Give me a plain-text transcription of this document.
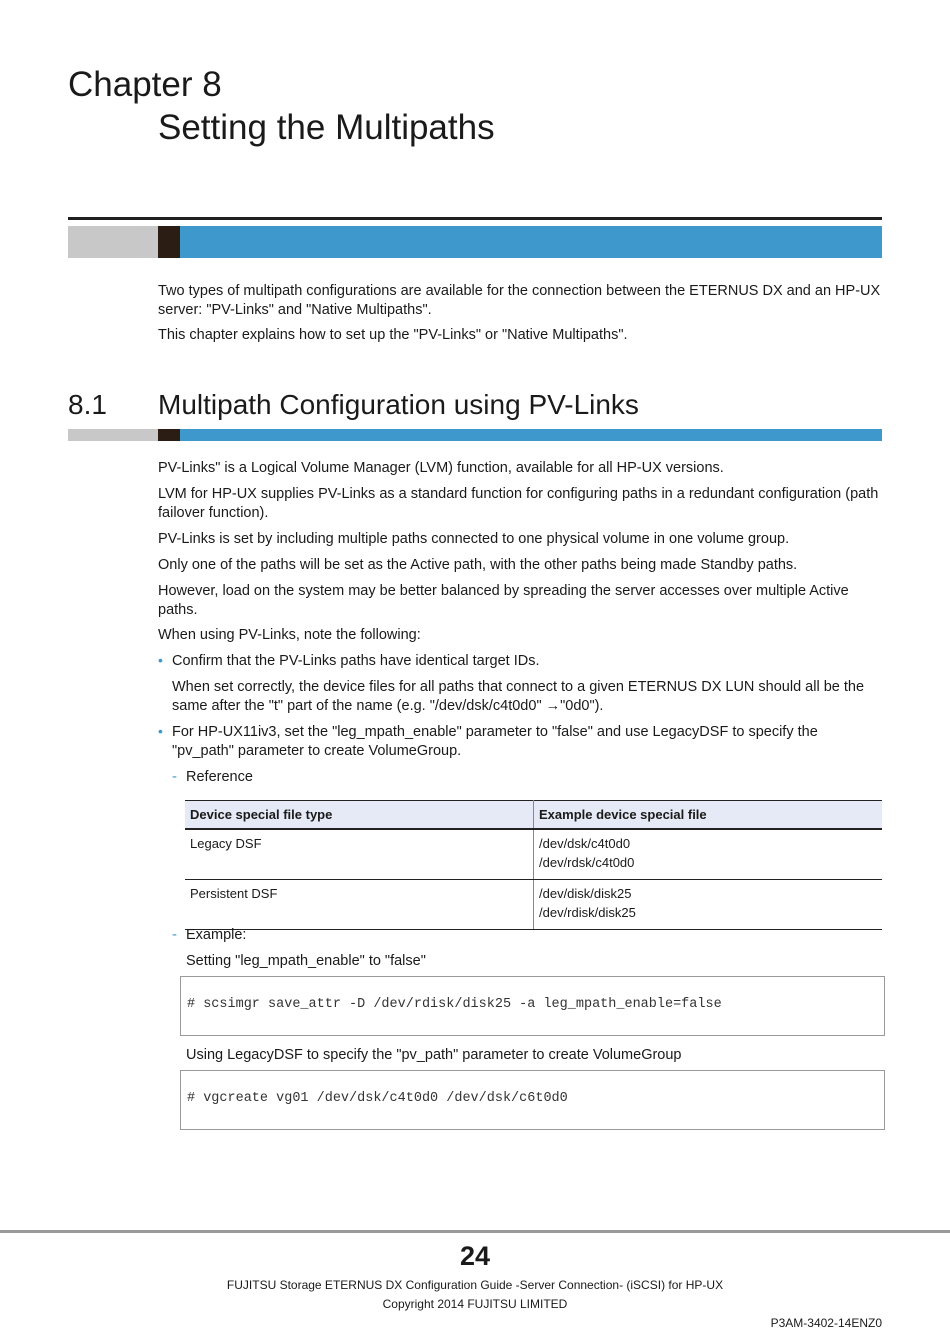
Chapter 8
Setting the Multipaths
Two types of multipath configurations are available for the connection between the ETERNUS DX and an HP-UX server: "PV-Links" and "Native Multipaths".
This chapter explains how to set up the "PV-Links" or "Native Multipaths".
8.1 Multipath Configuration using PV-Links
PV-Links" is a Logical Volume Manager (LVM) function, available for all HP-UX versions.
LVM for HP-UX supplies PV-Links as a standard function for configuring paths in a redundant configuration (path failover function).
PV-Links is set by including multiple paths connected to one physical volume in one volume group.
Only one of the paths will be set as the Active path, with the other paths being made Standby paths.
However, load on the system may be better balanced by spreading the server accesses over multiple Active paths.
When using PV-Links, note the following:
• Confirm that the PV-Links paths have identical target IDs.
When set correctly, the device files for all paths that connect to a given ETERNUS DX LUN should all be the same after the "t" part of the name (e.g. "/dev/dsk/c4t0d0" →"0d0").
• For HP-UX11iv3, set the "leg_mpath_enable" parameter to "false" and use LegacyDSF to specify the "pv_path" parameter to create VolumeGroup.
- Reference
Device special file type	Example device special file
Legacy DSF	/dev/dsk/c4t0d0
/dev/rdsk/c4t0d0

Persistent DSF	/dev/disk/disk25
/dev/rdisk/disk25
- Example:
Setting "leg_mpath_enable" to "false"
# scsimgr save_attr -D /dev/rdisk/disk25 -a leg_mpath_enable=false
Using LegacyDSF to specify the "pv_path" parameter to create VolumeGroup
# vgcreate vg01 /dev/dsk/c4t0d0 /dev/dsk/c6t0d0
24
FUJITSU Storage ETERNUS DX Configuration Guide -Server Connection- (iSCSI) for HP-UX
Copyright 2014 FUJITSU LIMITED
P3AM-3402-14ENZ0
